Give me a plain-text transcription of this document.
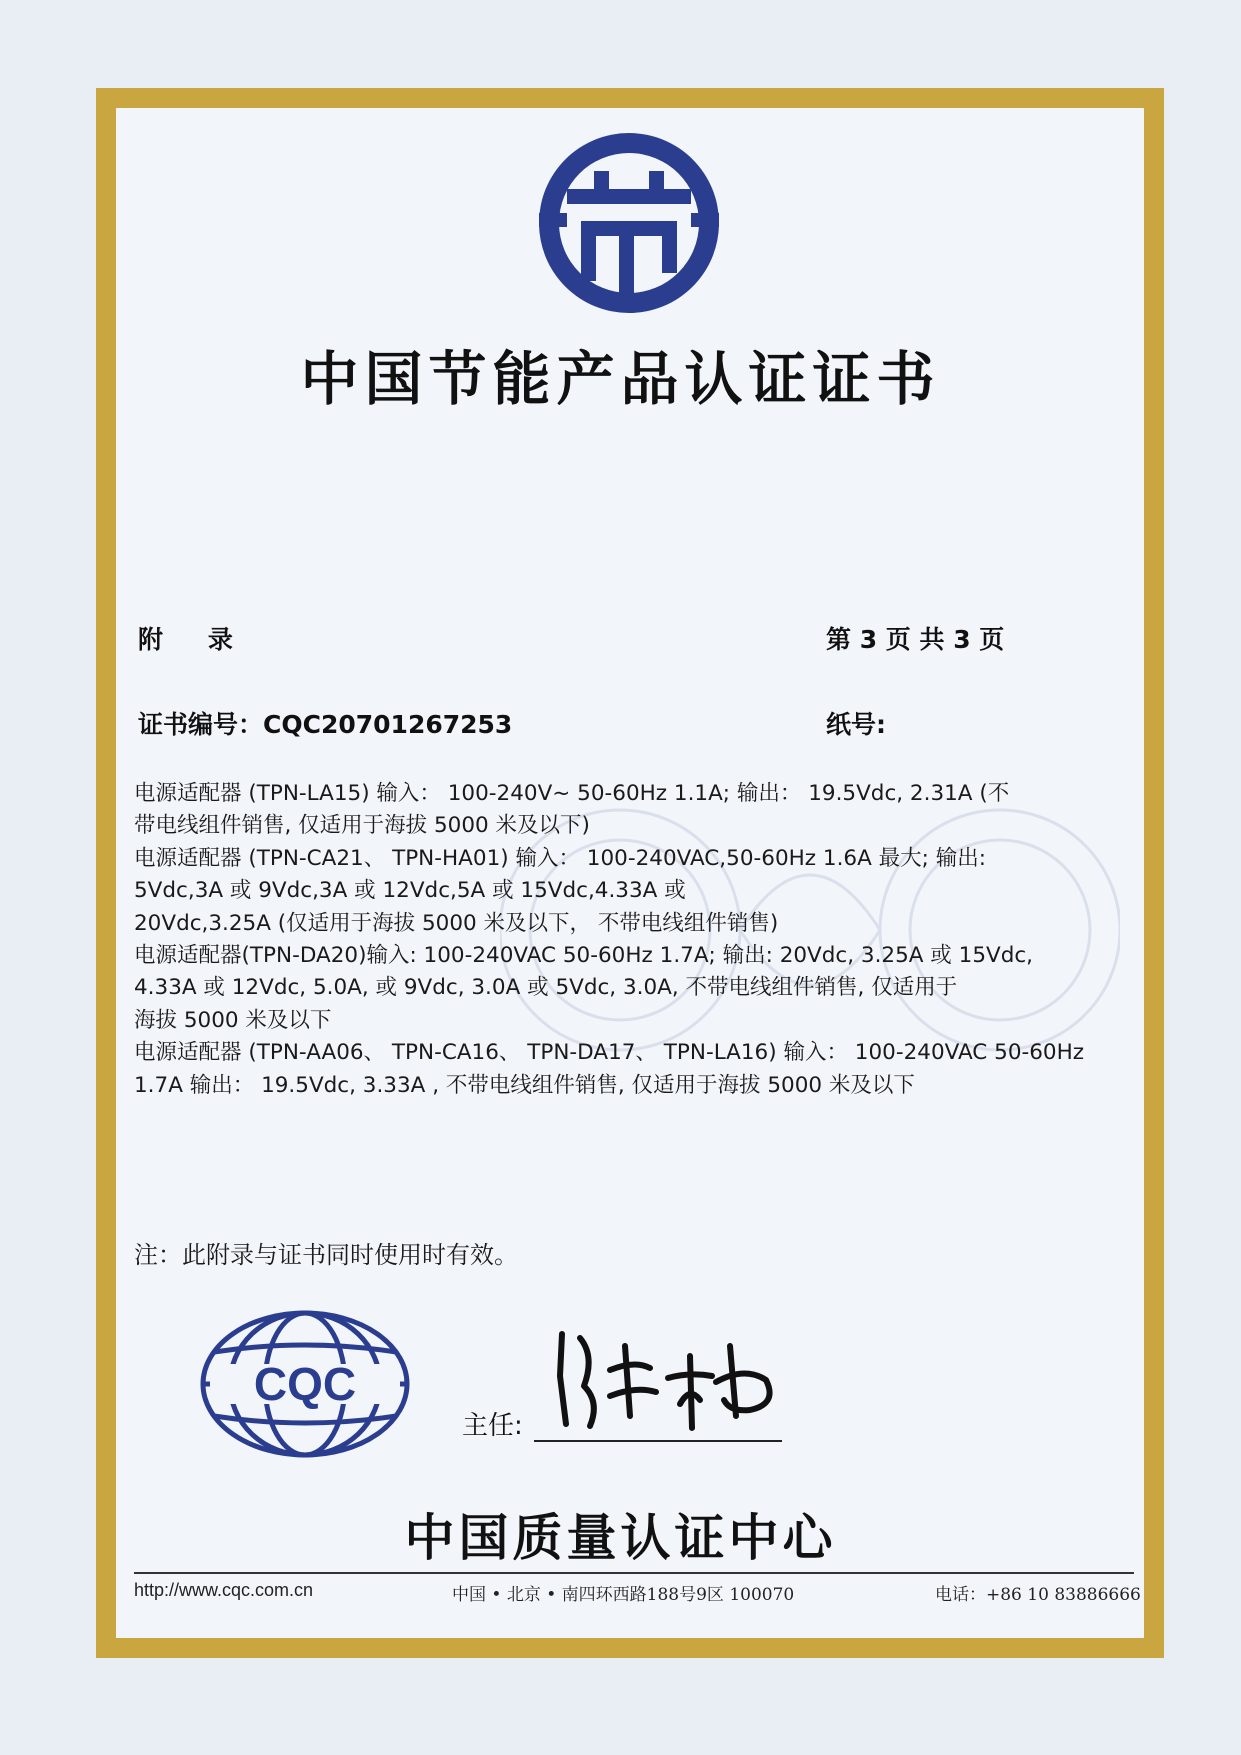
中国节能产品认证证书
附    录	第 3 页 共 3 页
证书编号：CQC20701267253	纸号:
电源适配器 (TPN-LA15) 输入： 100-240V~ 50-60Hz 1.1A; 输出： 19.5Vdc, 2.31A (不
带电线组件销售, 仅适用于海拔 5000 米及以下)
电源适配器 (TPN-CA21、 TPN-HA01) 输入： 100-240VAC,50-60Hz 1.6A 最大; 输出:
5Vdc,3A 或 9Vdc,3A 或 12Vdc,5A 或 15Vdc,4.33A 或
20Vdc,3.25A (仅适用于海拔 5000 米及以下， 不带电线组件销售)
电源适配器(TPN-DA20)输入: 100-240VAC 50-60Hz 1.7A; 输出: 20Vdc, 3.25A 或 15Vdc,
4.33A 或 12Vdc, 5.0A, 或 9Vdc, 3.0A 或 5Vdc, 3.0A, 不带电线组件销售, 仅适用于
海拔 5000 米及以下
电源适配器 (TPN-AA06、 TPN-CA16、 TPN-DA17、 TPN-LA16) 输入： 100-240VAC 50-60Hz
1.7A 输出： 19.5Vdc, 3.33A , 不带电线组件销售, 仅适用于海拔 5000 米及以下
注：此附录与证书同时使用时有效。
CQC
主任:
中国质量认证中心
http://www.cqc.com.cn	中国 • 北京 • 南四环西路188号9区 100070	电话：+86 10 83886666
